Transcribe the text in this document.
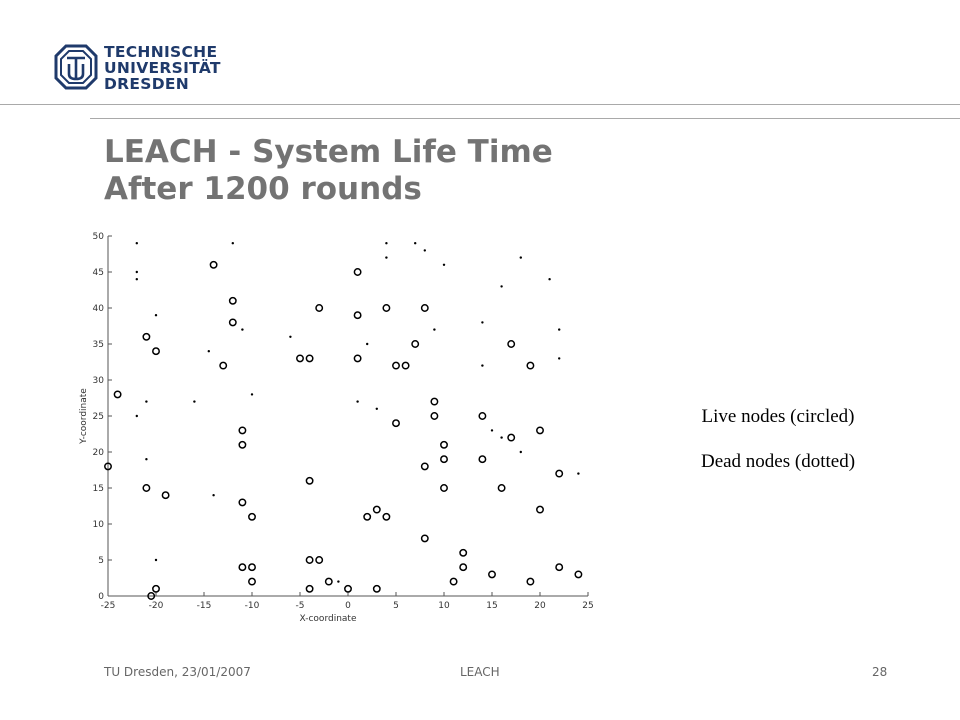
TECHNISCHE
UNIVERSITÄT
DRESDEN
LEACH - System Life Time
After 1200 rounds
-25	-20	-15	-10	-5	0	5	10	15	20	25
0
5
10
15
20
25
30
35
40
45
50
X-coordinate
Y-coordinate	Live nodes (circled)
Dead nodes (dotted)
TU Dresden, 23/01/2007	LEACH	28
